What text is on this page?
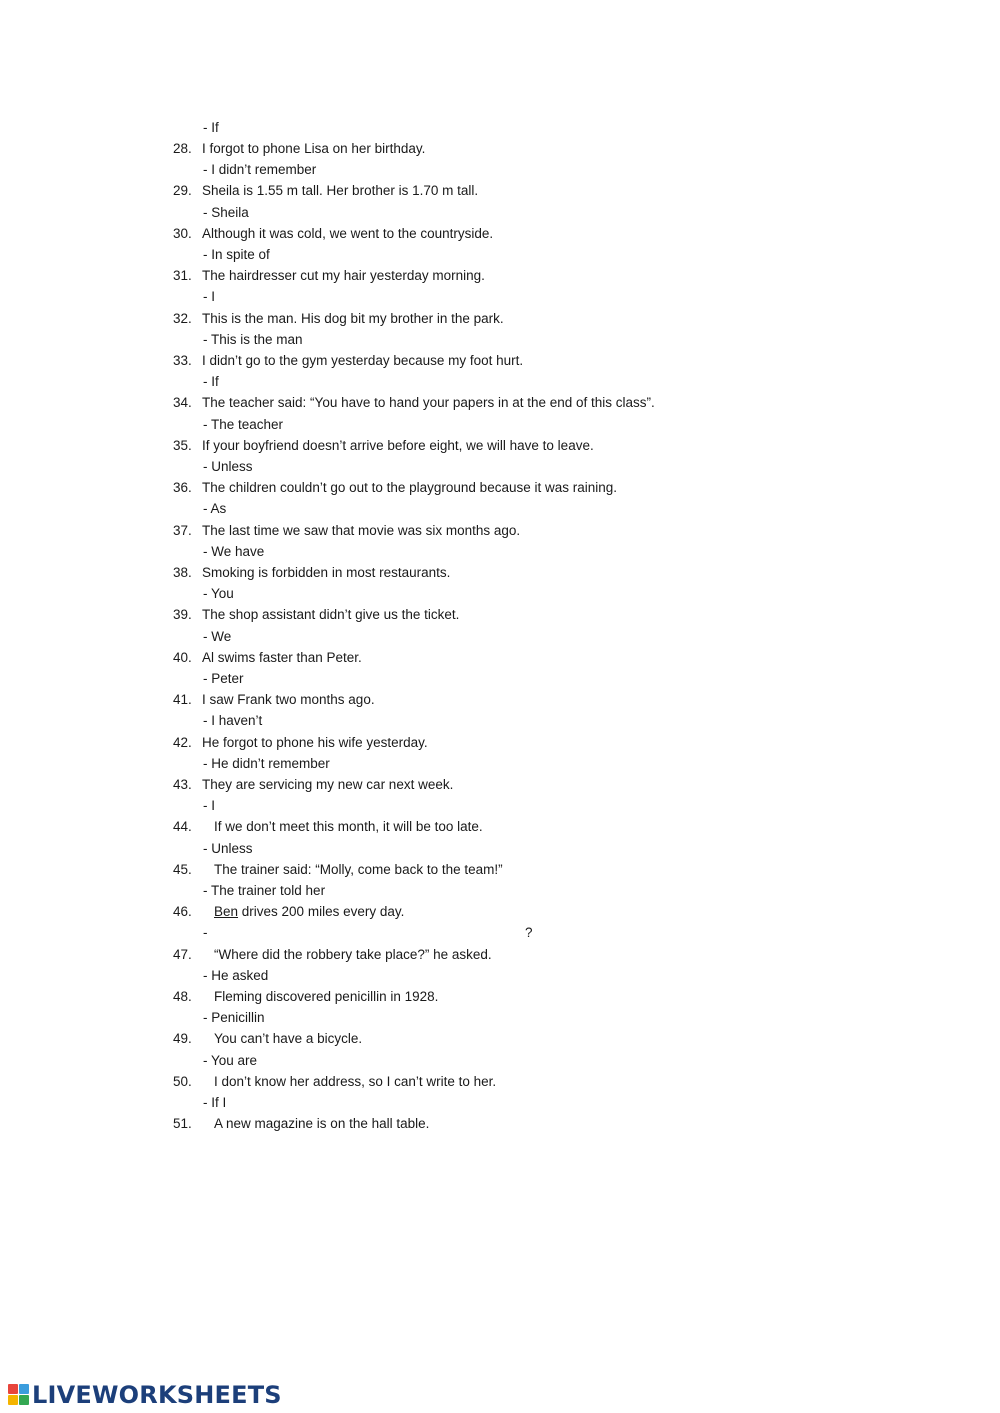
- If
28. I forgot to phone Lisa on her birthday.
- I didn’t remember
29. Sheila is 1.55 m tall. Her brother is 1.70 m tall.
- Sheila
30. Although it was cold, we went to the countryside.
- In spite of
31. The hairdresser cut my hair yesterday morning.
- I
32. This is the man. His dog bit my brother in the park.
- This is the man
33. I didn’t go to the gym yesterday because my foot hurt.
- If
34. The teacher said: “You have to hand your papers in at the end of this class”.
- The teacher
35. If your boyfriend doesn’t arrive before eight, we will have to leave.
- Unless
36. The children couldn’t go out to the playground because it was raining.
- As
37. The last time we saw that movie was six months ago.
- We have
38. Smoking is forbidden in most restaurants.
- You
39. The shop assistant didn’t give us the ticket.
- We
40. Al swims faster than Peter.
- Peter
41. I saw Frank two months ago.
- I haven’t
42. He forgot to phone his wife yesterday.
- He didn’t remember
43. They are servicing my new car next week.
- I
44. If we don’t meet this month, it will be too late.
- Unless
45. The trainer said: “Molly, come back to the team!”
- The trainer told her
46. Ben drives 200 miles every day.
-	?
47. “Where did the robbery take place?” he asked.
- He asked
48. Fleming discovered penicillin in 1928.
- Penicillin
49. You can’t have a bicycle.
- You are
50. I don’t know her address, so I can’t write to her.
- If I
51. A new magazine is on the hall table.
LIVEWORKSHEETS
